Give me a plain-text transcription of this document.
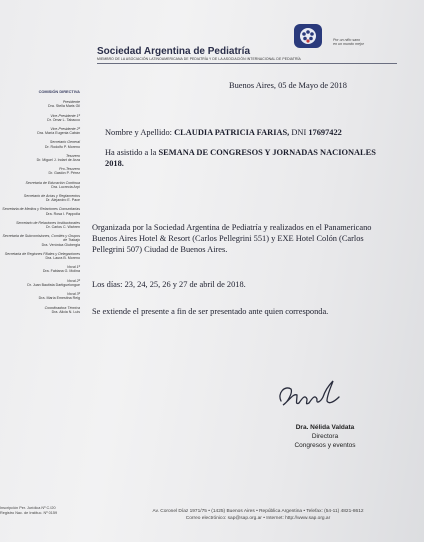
Por un niño sano
en un mundo mejor
Sociedad Argentina de Pediatría
MIEMBRO DE LA ASOCIACIÓN LATINOAMERICANA DE PEDIATRÍA Y DE LA ASOCIACIÓN INTERNACIONAL DE PEDIATRÍA
COMISIÓN DIRECTIVA
Presidente
Dra. Stella Maris Gil
Vice-Presidente 1º
Dr. Omar L. Tabacco
Vice-Presidente 2º
Dra. María Eugenia Cabán
Secretario General
Dr. Rodolfo P. Moreno
Tesorero
Dr. Miguel J. Indart de Arza
Pro-Tesorero
Dr. Gastón P. Pérez
Secretaria de Educación Continua
Dra. Lucrecia Arpí
Secretario de Actas y Reglamentos
Dr. Alejandro E. Pace
Secretaria de Medios y Relaciones Comunitarias
Dra. Rosa I. Pappolla
Secretario de Relaciones Institucionales
Dr. Carlos C. Wahren
Secretaria de Subcomisiones, Comités y Grupos de Trabajo
Dra. Verónica Giubergia
Secretaria de Regiones Filiales y Delegaciones
Dra. Laura B. Moreno
Vocal 1º
Dra. Fabiana G. Molina
Vocal 2º
Dr. Juan Bautista Dartiguelongue
Vocal 3º
Dra. María Emestina Reig
Coordinadora Técnica
Dra. Alicia N. Luis
Buenos Aires, 05 de Mayo de 2018
Nombre y Apellido: CLAUDIA PATRICIA FARIAS, DNI 17697422
Ha asistido a la SEMANA DE CONGRESOS Y JORNADAS NACIONALES 2018.
Organizada por la Sociedad Argentina de Pediatría y realizados en el Panamericano Buenos Aires Hotel & Resort (Carlos Pellegrini 551) y EXE Hotel Colón (Carlos Pellegrini 507) Ciudad de Buenos Aires.
Los días: 23, 24, 25, 26 y 27 de abril de 2018.
Se extiende el presente a fin de ser presentado ante quien corresponda.
Dra. Nélida Valdata
Directora
Congresos y eventos
Inscripción Per. Jurídica Nº C.I20
Registro Nac. de Instituc. Nº 0159	Av. Coronel Díaz 1971/75 • (1425) Buenos Aires • República Argentina • Telefax: (54-11) 4821-8612
Correo electrónico: sap@sap.org.ar • Internet: http://www.sap.org.ar
